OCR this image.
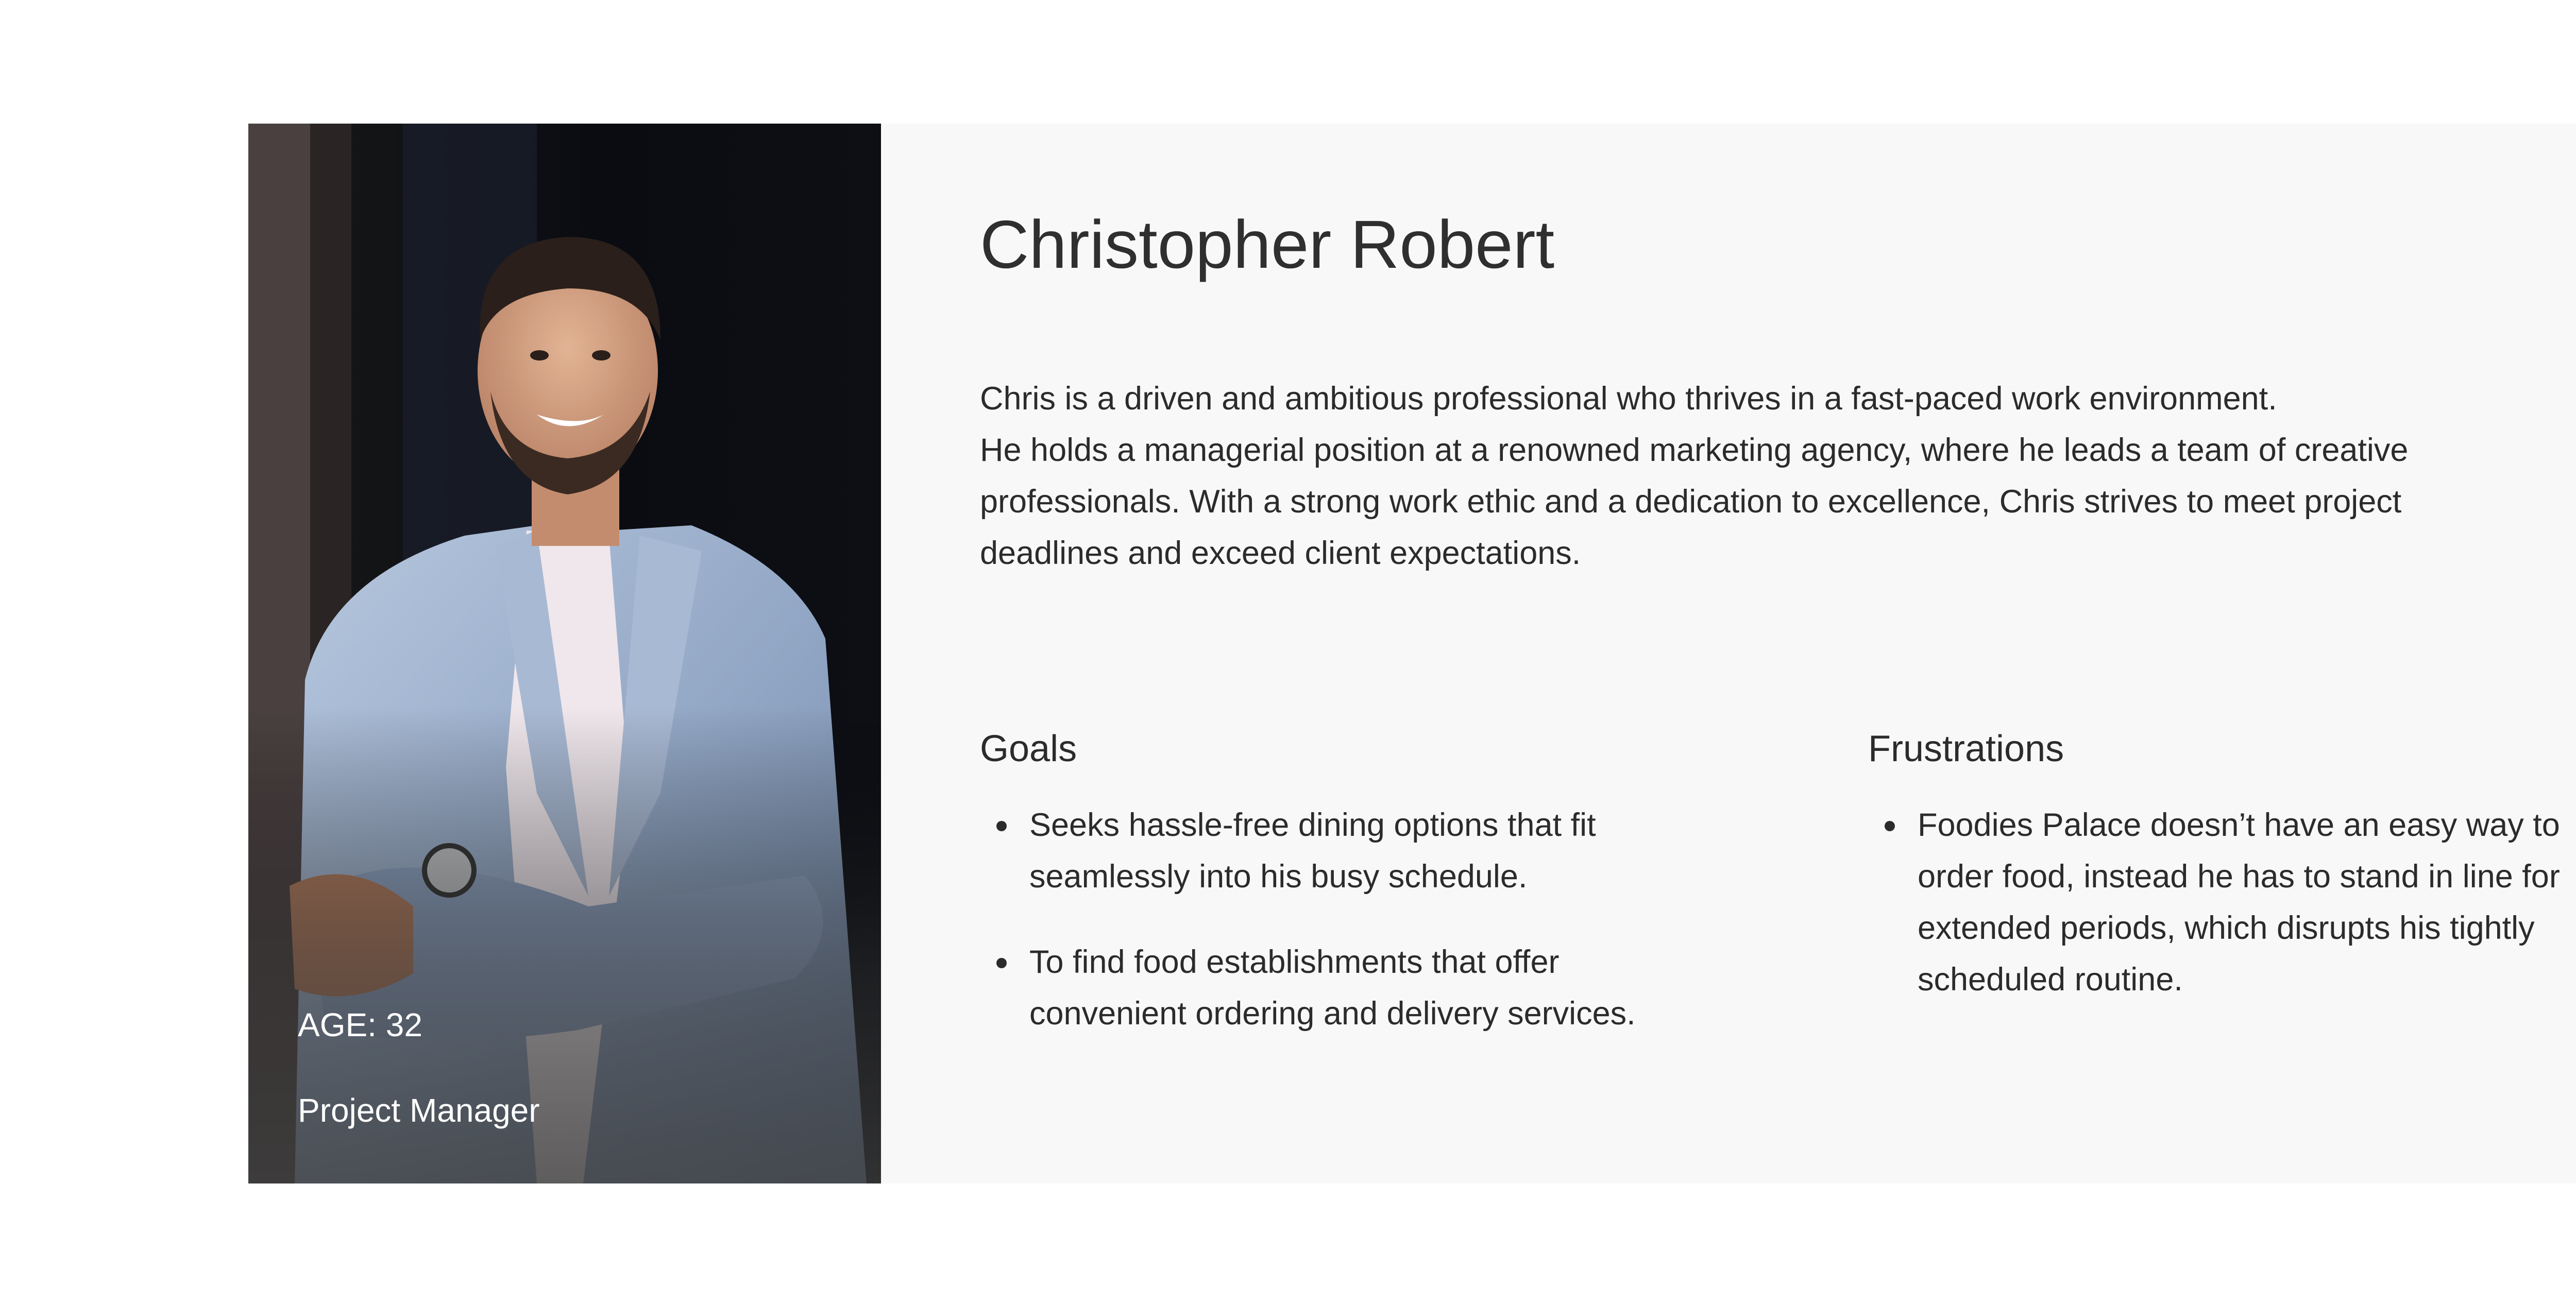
AGE: 32
Project Manager
Christopher Robert

Chris is a driven and ambitious professional who thrives in a fast-paced work environment.
He holds a managerial position at a renowned marketing agency, where he leads a team of creative professionals. With a strong work ethic and a dedication to excellence, Chris strives to meet project deadlines and exceed client expectations.

Goals
Seeks hassle-free dining options that fit seamlessly into his busy schedule.
To find food establishments that offer convenient ordering and delivery services.
Frustrations
Foodies Palace doesn’t have an easy way to order food, instead he has to stand in line for extended periods, which disrupts his tightly scheduled routine.
